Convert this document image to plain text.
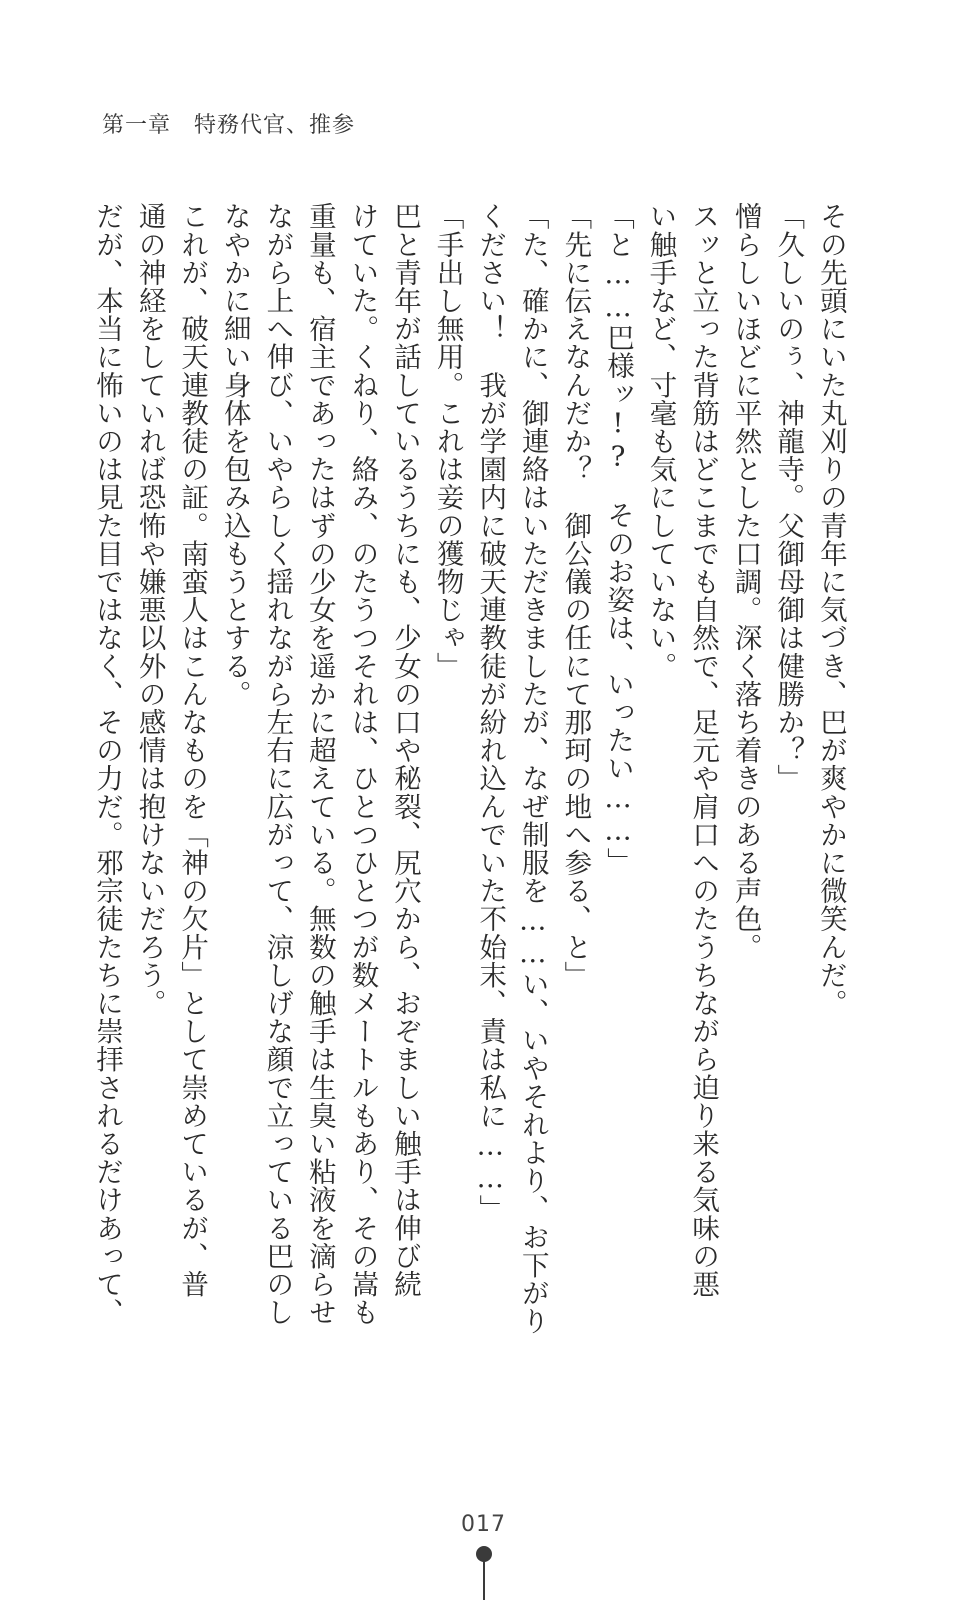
第一章　特務代官、推参
その先頭にいた丸刈りの青年に気づき、巴が爽やかに微笑んだ。
「久しいのぅ、神龍寺。父御母御は健勝か？」
憎らしいほどに平然とした口調。深く落ち着きのある声色。
スッと立った背筋はどこまでも自然で、足元や肩口へのたうちながら迫り来る気味の悪
い触手など、寸毫も気にしていない。
「と……巴様ッ!?　そのお姿は、いったい……」
「先に伝えなんだか？　御公儀の任にて那珂の地へ参る、と」
「た、確かに、御連絡はいただきましたが、なぜ制服を……い、いやそれより、お下がり
ください！　我が学園内に破天連教徒が紛れ込んでいた不始末、責は私に……」
「手出し無用。これは妾の獲物じゃ」
巴と青年が話しているうちにも、少女の口や秘裂、尻穴から、おぞましい触手は伸び続
けていた。くねり、絡み、のたうつそれは、ひとつひとつが数メートルもあり、その嵩も
重量も、宿主であったはずの少女を遥かに超えている。無数の触手は生臭い粘液を滴らせ
ながら上へ伸び、いやらしく揺れながら左右に広がって、涼しげな顔で立っている巴のし
なやかに細い身体を包み込もうとする。
これが、破天連教徒の証。南蛮人はこんなものを「神の欠片」として崇めているが、普
通の神経をしていれば恐怖や嫌悪以外の感情は抱けないだろう。
だが、本当に怖いのは見た目ではなく、その力だ。邪宗徒たちに崇拝されるだけあって、
017
